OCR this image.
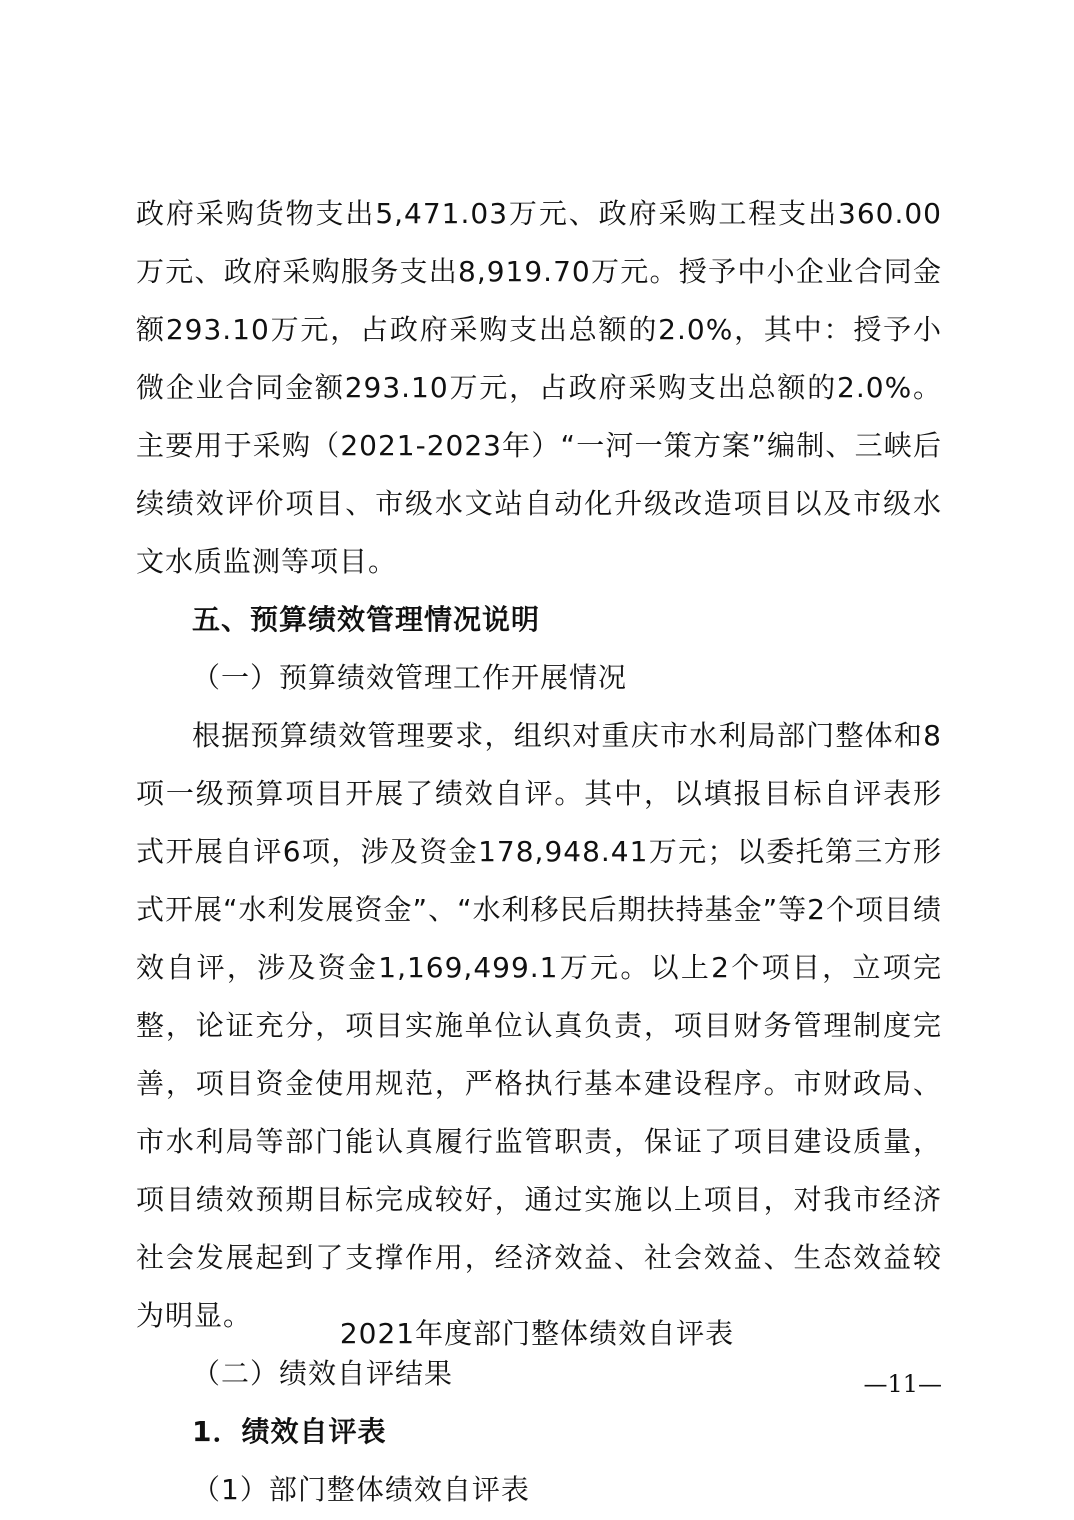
政府采购货物支出5,471.03万元、政府采购工程支出360.00万元、政府采购服务支出8,919.70万元。授予中小企业合同金额293.10万元，占政府采购支出总额的2.0%，其中：授予小微企业合同金额293.10万元，占政府采购支出总额的2.0%。主要用于采购（2021-2023年）“一河一策方案”编制、三峡后续绩效评价项目、市级水文站自动化升级改造项目以及市级水文水质监测等项目。

五、预算绩效管理情况说明

（一）预算绩效管理工作开展情况

根据预算绩效管理要求，组织对重庆市水利局部门整体和8项一级预算项目开展了绩效自评。其中，以填报目标自评表形式开展自评6项，涉及资金178,948.41万元；以委托第三方形式开展“水利发展资金”、“水利移民后期扶持基金”等2个项目绩效自评，涉及资金1,169,499.1万元。以上2个项目，立项完整，论证充分，项目实施单位认真负责，项目财务管理制度完善，项目资金使用规范，严格执行基本建设程序。市财政局、市水利局等部门能认真履行监管职责，保证了项目建设质量，项目绩效预期目标完成较好，通过实施以上项目，对我市经济社会发展起到了支撑作用，经济效益、社会效益、生态效益较为明显。

（二）绩效自评结果

1．绩效自评表

（1）部门整体绩效自评表

2021年度部门整体绩效自评表
—11—
